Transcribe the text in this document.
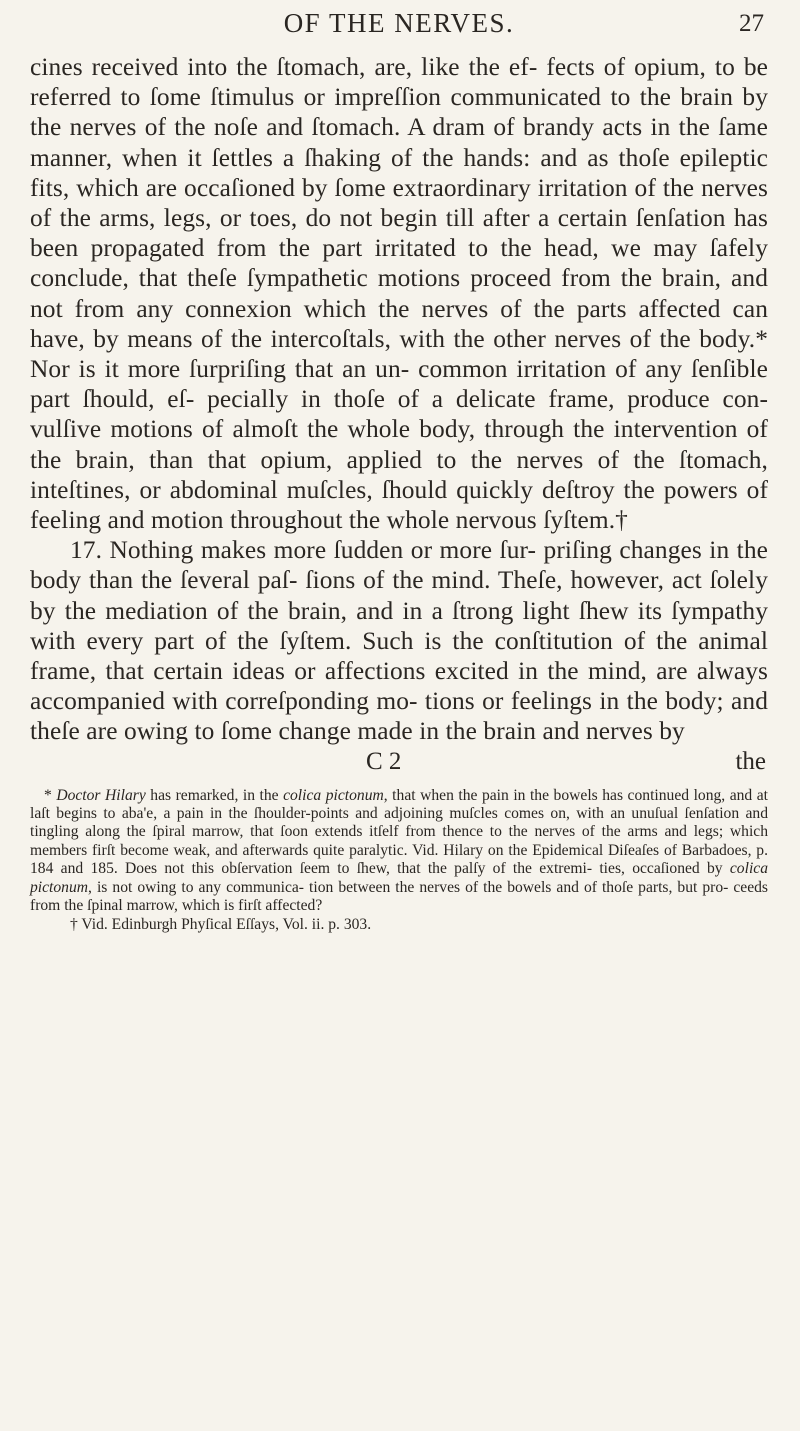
OF THE NERVES.	27

cines received into the ſtomach, are, like the ef- fects of opium, to be referred to ſome ſtimulus or impreſſion communicated to the brain by the nerves of the noſe and ſtomach. A dram of brandy acts in the ſame manner, when it ſettles a ſhaking of the hands: and as thoſe epileptic fits, which are occaſioned by ſome extraordinary irritation of the nerves of the arms, legs, or toes, do not begin till after a certain ſenſation has been propagated from the part irritated to the head, we may ſafely conclude, that theſe ſympathetic motions proceed from the brain, and not from any connexion which the nerves of the parts affected can have, by means of the intercoſtals, with the other nerves of the body.* Nor is it more ſurpriſing that an un- common irritation of any ſenſible part ſhould, eſ- pecially in thoſe of a delicate frame, produce con- vulſive motions of almoſt the whole body, through the intervention of the brain, than that opium, applied to the nerves of the ſtomach, inteſtines, or abdominal muſcles, ſhould quickly deſtroy the powers of feeling and motion throughout the whole nervous ſyſtem.†

17. Nothing makes more ſudden or more ſur- priſing changes in the body than the ſeveral paſ- ſions of the mind. Theſe, however, act ſolely by the mediation of the brain, and in a ſtrong light ſhew its ſympathy with every part of the ſyſtem. Such is the conſtitution of the animal frame, that certain ideas or affections excited in the mind, are always accompanied with correſponding mo- tions or feelings in the body; and theſe are owing to ſome change made in the brain and nerves by

C 2	the

* Doctor Hilary has remarked, in the colica pictonum, that when the pain in the bowels has continued long, and at laſt begins to aba'e, a pain in the ſhoulder-points and adjoining muſcles comes on, with an unuſual ſenſation and tingling along the ſpiral marrow, that ſoon extends itſelf from thence to the nerves of the arms and legs; which members firſt become weak, and afterwards quite paralytic. Vid. Hilary on the Epidemical Diſeaſes of Barbadoes, p. 184 and 185. Does not this obſervation ſeem to ſhew, that the palſy of the extremi- ties, occaſioned by colica pictonum, is not owing to any communica- tion between the nerves of the bowels and of thoſe parts, but pro- ceeds from the ſpinal marrow, which is firſt affected?

† Vid. Edinburgh Phyſical Eſſays, Vol. ii. p. 303.
